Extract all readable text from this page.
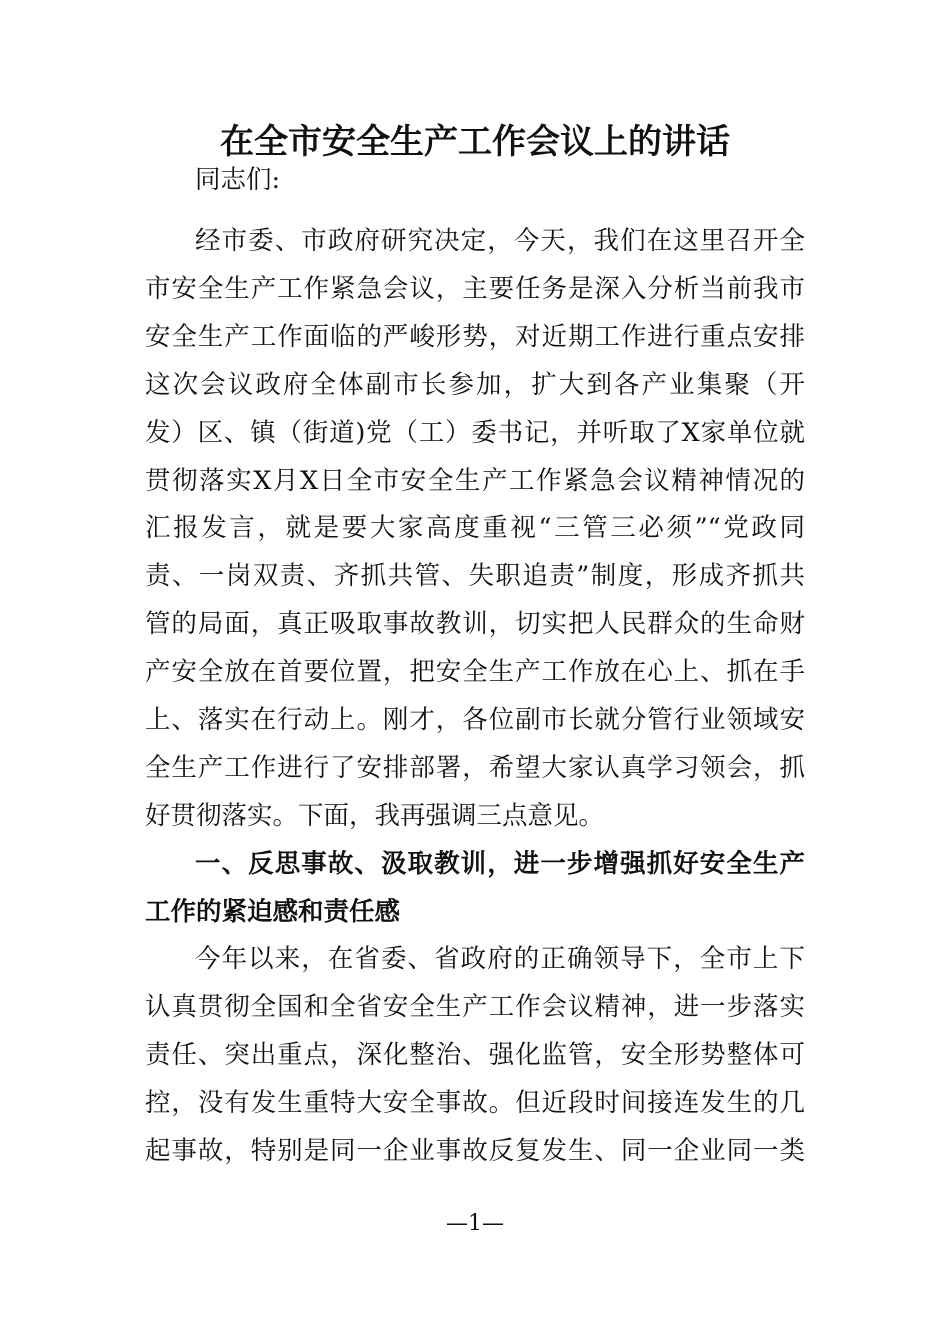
在全市安全生产工作会议上的讲话
同志们:
经市委、市政府研究决定，今天，我们在这里召开全
市安全生产工作紧急会议，主要任务是深入分析当前我市
安全生产工作面临的严峻形势，对近期工作进行重点安排
这次会议政府全体副市长参加，扩大到各产业集聚（开
发）区、镇（街道)党（工）委书记，并听取了X家单位就
贯彻落实X月X日全市安全生产工作紧急会议精神情况的
汇报发言，就是要大家高度重视“三管三必须”“党政同
责、一岗双责、齐抓共管、失职追责”制度，形成齐抓共
管的局面，真正吸取事故教训，切实把人民群众的生命财
产安全放在首要位置，把安全生产工作放在心上、抓在手
上、落实在行动上。刚才，各位副市长就分管行业领域安
全生产工作进行了安排部署，希望大家认真学习领会，抓
好贯彻落实。下面，我再强调三点意见。
一、反思事故、汲取教训，进一步增强抓好安全生产
工作的紧迫感和责任感
今年以来，在省委、省政府的正确领导下，全市上下
认真贯彻全国和全省安全生产工作会议精神，进一步落实
责任、突出重点，深化整治、强化监管，安全形势整体可
控，没有发生重特大安全事故。但近段时间接连发生的几
起事故，特别是同一企业事故反复发生、同一企业同一类
—1—
